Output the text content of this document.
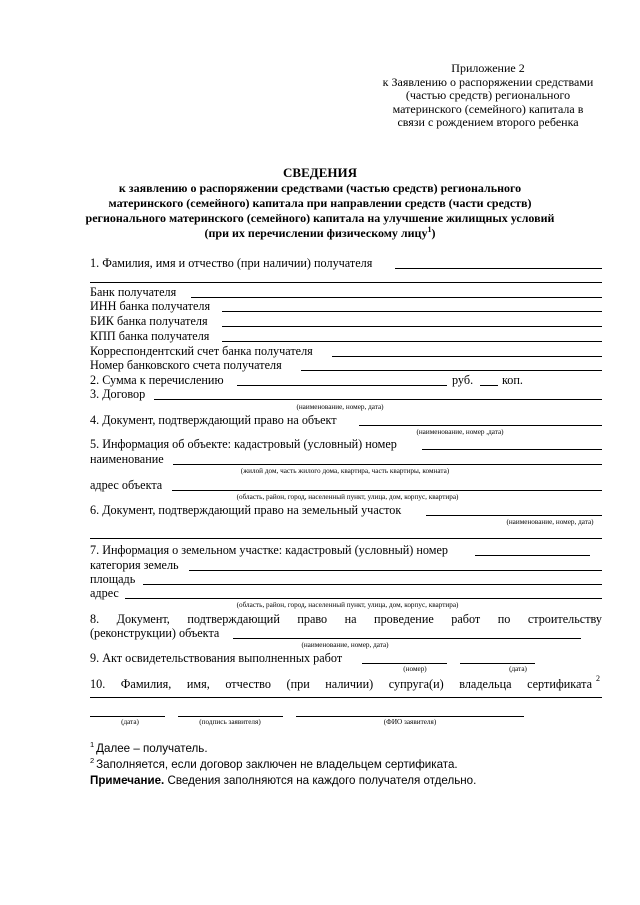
Приложение 2
к Заявлению о распоряжении средствами
(частью средств) регионального
материнского (семейного) капитала в
связи с рождением второго ребенка
СВЕДЕНИЯ
к заявлению о распоряжении средствами (частью средств) регионального
материнского (семейного) капитала при направлении средств (части средств)
регионального материнского (семейного) капитала на улучшение жилищных условий
(при их перечислении физическому лицу$^1$)
1. Фамилия, имя и отчество (при наличии) получателя
Банк получателя
ИНН банка получателя
БИК банка получателя
КПП банка получателя
Корреспондентский счет банка получателя
Номер банковского счета получателя
2. Сумма к перечислению	руб. коп.
3. Договор
(наименование, номер, дата)
4. Документ, подтверждающий право на объект
(наименование, номер ,дата)
5. Информация об объекте: кадастровый (условный) номер
наименование
(жилой дом, часть жилого дома, квартира, часть квартиры, комната)
адрес объекта
(область, район, город, населенный пункт, улица, дом, корпус, квартира)
6. Документ, подтверждающий право на земельный участок
(наименование, номер, дата)
7. Информация о земельном участке: кадастровый (условный) номер
категория земель
площадь
адрес
(область, район, город, населенный пункт, улица, дом, корпус, квартира)
8. Документ, подтверждающий право на проведение работ по строительству
(реконструкции) объекта
(наименование, номер, дата)
9. Акт освидетельствования выполненных работ
(номер)	(дата)
10. Фамилия, имя, отчество (при наличии) супруга(и) владельца сертификата 2
(дата)	(подпись заявителя)	(ФИО заявителя)
$^1$ Далее – получатель.
$^2$ Заполняется, если договор заключен не владельцем сертификата.
Примечание. Сведения заполняются на каждого получателя отдельно.
